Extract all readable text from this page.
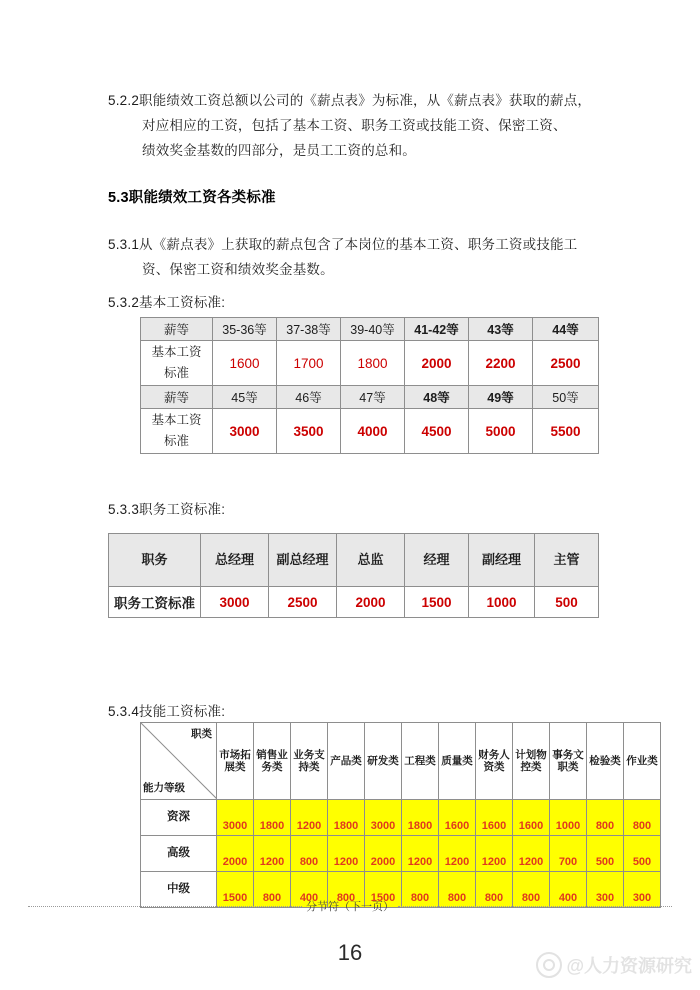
5.2.2职能绩效工资总额以公司的《薪点表》为标准，从《薪点表》获取的薪点，
对应相应的工资，包括了基本工资、职务工资或技能工资、保密工资、
绩效奖金基数的四部分，是员工工资的总和。
5.3职能绩效工资各类标准
5.3.1从《薪点表》上获取的薪点包含了本岗位的基本工资、职务工资或技能工
资、保密工资和绩效奖金基数。
5.3.2基本工资标准:
薪等	35-36等	37-38等	39-40等	41-42等	43等	44等

基本工资
标准	1600	1700	1800	2000	2200	2500
薪等	45等	46等	47等	48等	49等	50等

基本工资
标准	3000	3500	4000	4500	5000	5500
5.3.3职务工资标准:
职务	总经理	副总经理	总监	经理	副经理	主管
职务工资标准	3000	2500	2000	1500	1000	500
5.3.4技能工资标准:
职类
能力等级	市场拓展类	销售业务类	业务支持类	产品类	研发类	工程类	质量类	财务人资类	计划物控类	事务文职类	检验类	作业类
资深	3000	1800	1200	1800	3000	1800	1600	1600	1600	1000	800	800
高级	2000	1200	800	1200	2000	1200	1200	1200	1200	700	500	500
中级	1500	800	400	800	1500	800	800	800	800	400	300	300
分节符（下一页）
16
@人力资源研究
